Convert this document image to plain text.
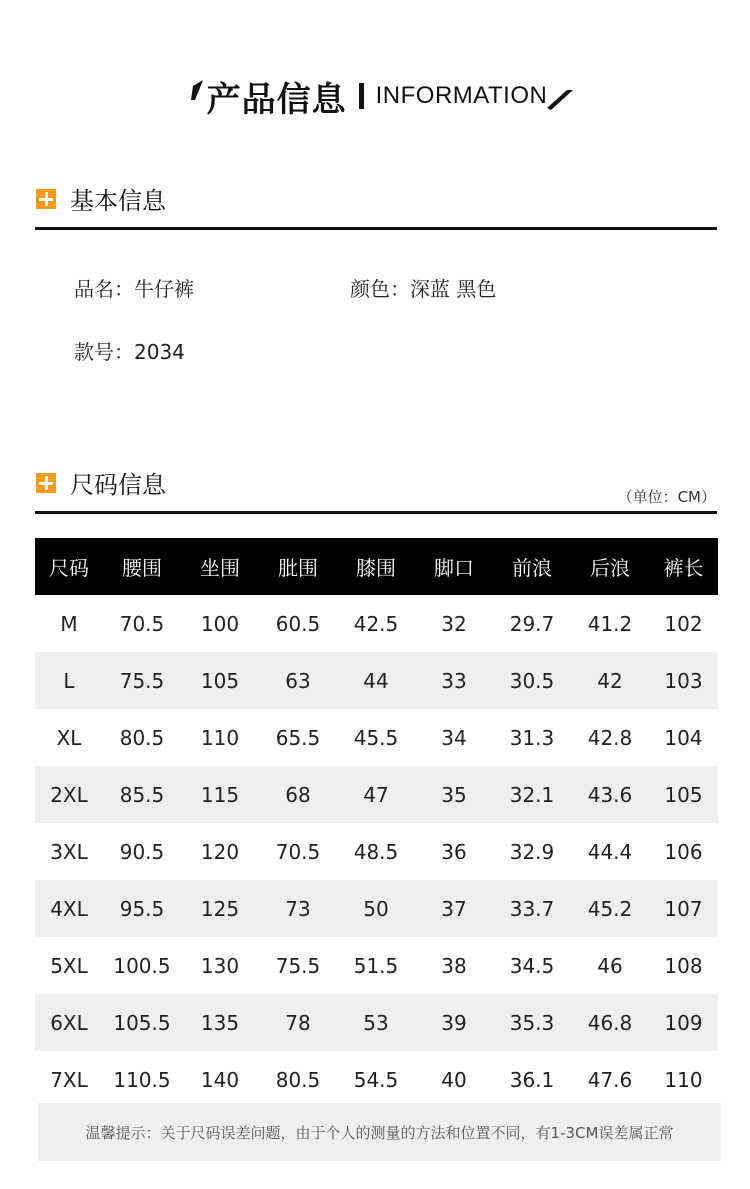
产品信息 INFORMATION
基本信息
品名：牛仔裤	颜色：深蓝 黑色
款号：2034
尺码信息	（单位：CM）
尺码	腰围	坐围	肶围	膝围	脚口	前浪	后浪	裤长
M	70.5	100	60.5	42.5	32	29.7	41.2	102
L	75.5	105	63	44	33	30.5	42	103
XL	80.5	110	65.5	45.5	34	31.3	42.8	104
2XL	85.5	115	68	47	35	32.1	43.6	105
3XL	90.5	120	70.5	48.5	36	32.9	44.4	106
4XL	95.5	125	73	50	37	33.7	45.2	107
5XL	100.5	130	75.5	51.5	38	34.5	46	108
6XL	105.5	135	78	53	39	35.3	46.8	109
7XL	110.5	140	80.5	54.5	40	36.1	47.6	110
温馨提示：关于尺码误差问题，由于个人的测量的方法和位置不同，有1-3CM误差属正常
